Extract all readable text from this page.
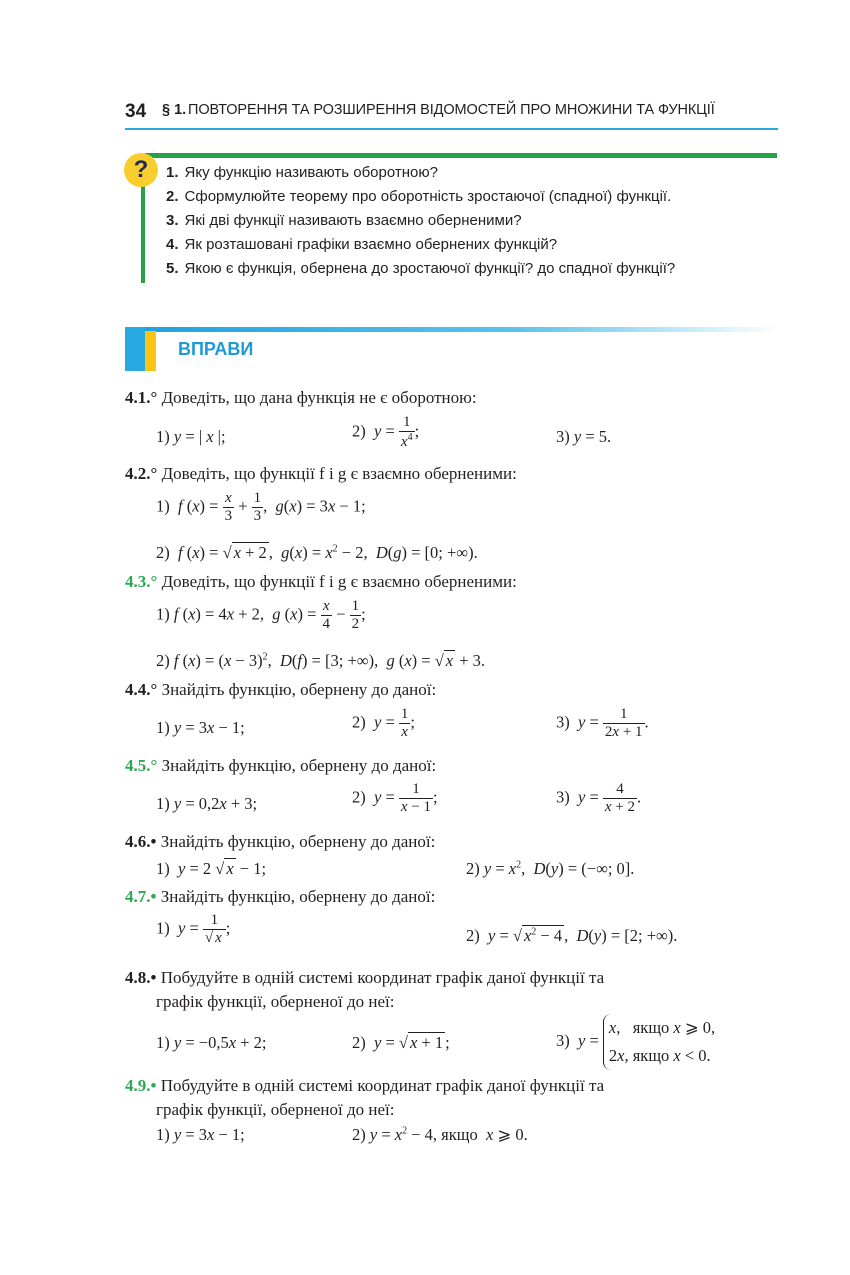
34 § 1. ПОВТОРЕННЯ ТА РОЗШИРЕННЯ ВІДОМОСТЕЙ ПРО МНОЖИНИ ТА ФУНКЦІЇ
?	1. Яку функцію називають оборотною?
2. Сформулюйте теорему про оборотність зростаючої (спадної) функції.
3. Які дві функції називають взаємно оберненими?
4. Як розташовані графіки взаємно обернених функцій?
5. Якою є функція, обернена до зростаючої функції? до спадної функції?
ВПРАВИ
4.1.° Доведіть, що дана функція не є оборотною:
1) y = | x |;	2)  $y = \frac{1}{x^4}$ ;	3) y = 5.
4.2.° Доведіть, що функції f і g є взаємно оберненими:
1)  f $(x) = \frac{x}{3} + \frac{1}{3}$ ,  g(x) = 3x − 1;
2)  f (x) = √ x + 2 ,  $g(x) = x^2 - 2$,  D(g) = [0; +∞).
4.3.° Доведіть, що функції f і g є взаємно оберненими:
1) f (x) = 4x + 2,  g $(x) = \frac{x}{4} - \frac{1}{2}$ ;
2) f $(x) = (x - 3)^2$,  D(f) = [3; +∞),  g (x) = √ x + 3.
4.4.° Знайдіть функцію, обернену до даної:
1) y = 3x − 1;	2)  $y = \frac{1}{x}$ ;	3)  $y = \frac{1}{2x + 1}$ .
4.5.° Знайдіть функцію, обернену до даної:
1) y = 0,2x + 3;	2)  $y = \frac{1}{x - 1}$ ;	3)  $y = \frac{4}{x + 2}$ .
4.6.• Знайдіть функцію, обернену до даної:
1)  y = 2 √ x − 1;	2) $y = x^2$,  D(y) = (−∞; 0].
4.7.• Знайдіть функцію, обернену до даної:
1)  $y = \frac{1}{√ x}$ ;	2)  y = √ $x^2 - 4$ ,  D(y) = [2; +∞).
4.8.• Побудуйте в одній системі координат графік даної функції та
графік функції, оберненої до неї:
1) y = −0,5x + 2;	2)  y = √ x + 1 ;	3)  y = x,   якщо x ⩾ 0,
2x, якщо x < 0.
4.9.• Побудуйте в одній системі координат графік даної функції та
графік функції, оберненої до неї:
1) y = 3x − 1;	2) $y = x^2 - 4$, якщо  x ⩾ 0.
